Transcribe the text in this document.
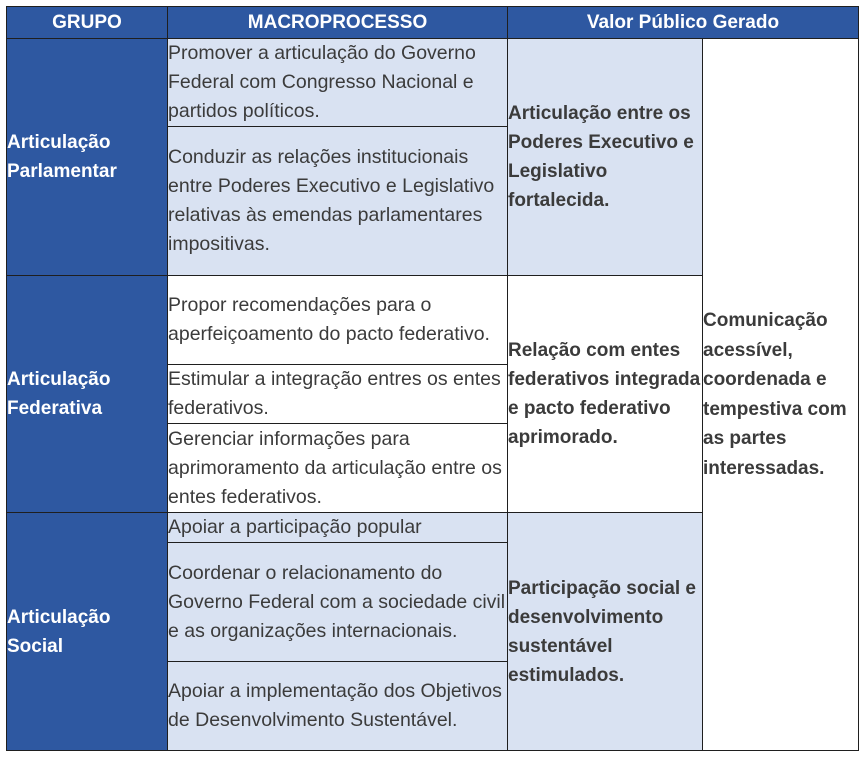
GRUPO	MACROPROCESSO	Valor Público Gerado	
Articulação Parlamentar	Promover a articulação do Governo Federal com Congresso Nacional e partidos políticos.	Articulação entre os Poderes Executivo e Legislativo fortalecida.	Comunicação acessível, coordenada e tempestiva com as partes interessadas.
	Conduzir as relações institucionais entre Poderes Executivo e Legislativo relativas às emendas parlamentares impositivas.		
Articulação Federativa	Propor recomendações para o aperfeiçoamento do pacto federativo.	Relação com entes federativos integrada e pacto federativo aprimorado.	
	Estimular a integração entres os entes federativos.		
	Gerenciar informações para aprimoramento da articulação entre os entes federativos.		
Articulação Social	Apoiar a participação popular	Participação social e desenvolvimento sustentável estimulados.	
	Coordenar o relacionamento do Governo Federal com a sociedade civil e as organizações internacionais.		
	Apoiar a implementação dos Objetivos de Desenvolvimento Sustentável.		
